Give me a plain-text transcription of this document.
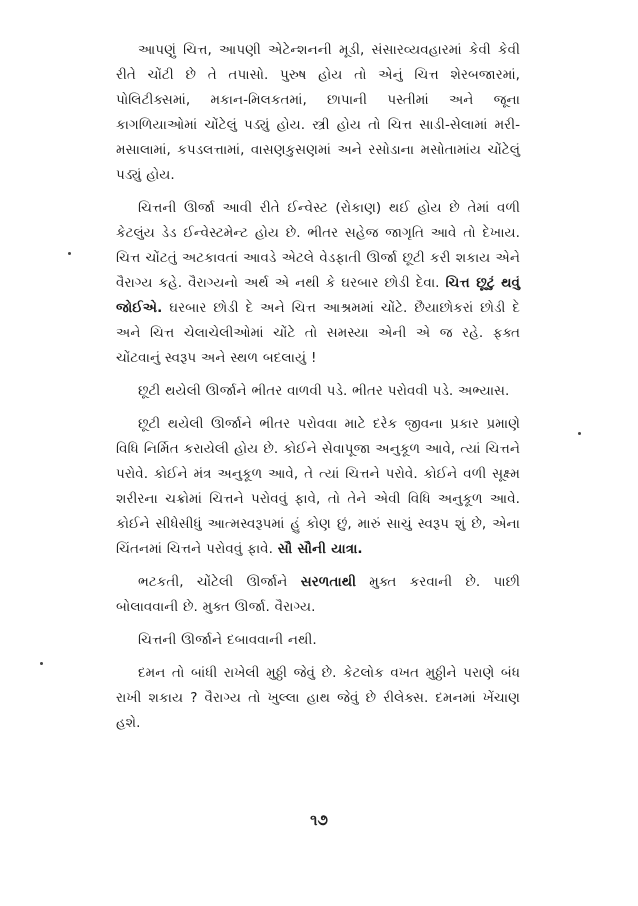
આપણું ચિત્ત, આપણી એટેન્શનની મૂડી, સંસારવ્યવહારમાં કેવી કેવી રીતે ચોંટી છે તે તપાસો. પુરુષ હોય તો એનું ચિત્ત શેરબજારમાં, પોલિટીક્સમાં, મકાન-મિલકતમાં, છાપાની પસ્તીમાં અને જૂના કાગળિયાઓમાં ચોંટેલું પડ્યું હોય. સ્ત્રી હોય તો ચિત્ત સાડી-સેલામાં મરી-મસાલામાં, કપડલત્તામાં, વાસણકુસણમાં અને રસોડાના મસોતામાંય ચોંટેલું પડ્યું હોય.

ચિત્તની ઊર્જા આવી રીતે ઈન્વેસ્ટ (રોકાણ) થઈ હોય છે તેમાં વળી કેટલુંય ડેડ ઈન્વેસ્ટમેન્ટ હોય છે. ભીતર સહેજ જાગૃતિ આવે તો દેખાય. ચિત્ત ચોંટતું અટકાવતાં આવડે એટલે વેડફાતી ઊર્જા છૂટી કરી શકાય એને વૈરાગ્ય કહે. વૈરાગ્યનો અર્થ એ નથી કે ઘરબાર છોડી દેવા. ચિત્ત છૂટું થવું જોઈએ. ઘરબાર છોડી દે અને ચિત્ત આશ્રમમાં ચોંટે. છૈયાછોકરાં છોડી દે અને ચિત્ત ચેલાચેલીઓમાં ચોંટે તો સમસ્યા એની એ જ રહે. ફક્ત ચોંટવાનું સ્વરૂપ અને સ્થળ બદલાયું !

છૂટી થયેલી ઊર્જાને ભીતર વાળવી પડે. ભીતર પરોવવી પડે. અભ્યાસ.

છૂટી થયેલી ઊર્જાને ભીતર પરોવવા માટે દરેક જીવના પ્રકાર પ્રમાણે વિધિ નિર્મિત કરાયેલી હોય છે. કોઈને સેવાપૂજા અનુકૂળ આવે, ત્યાં ચિત્તને પરોવે. કોઈને મંત્ર અનુકૂળ આવે, તે ત્યાં ચિત્તને પરોવે. કોઈને વળી સૂક્ષ્મ શરીરના ચક્રોમાં ચિત્તને પરોવવું ફાવે, તો તેને એવી વિધિ અનુકૂળ આવે. કોઈને સીધેસીધું આત્મસ્વરૂપમાં હું કોણ છું, મારું સાચું સ્વરૂપ શું છે, એના ચિંતનમાં ચિત્તને પરોવવું ફાવે. સૌ સૌની યાત્રા.

ભટકતી, ચોંટેલી ઊર્જાને સરળતાથી મુક્ત કરવાની છે. પાછી બોલાવવાની છે. મુક્ત ઊર્જા. વૈરાગ્ય.

ચિત્તની ઊર્જાને દબાવવાની નથી.

દમન તો બાંધી રાખેલી મુઠ્ઠી જેવું છે. કેટલોક વખત મુઠ્ઠીને પરાણે બંધ રાખી શકાય ? વૈરાગ્ય તો ખુલ્લા હાથ જેવું છે રીલેક્સ. દમનમાં ખેંચાણ હશે.

૧૭
